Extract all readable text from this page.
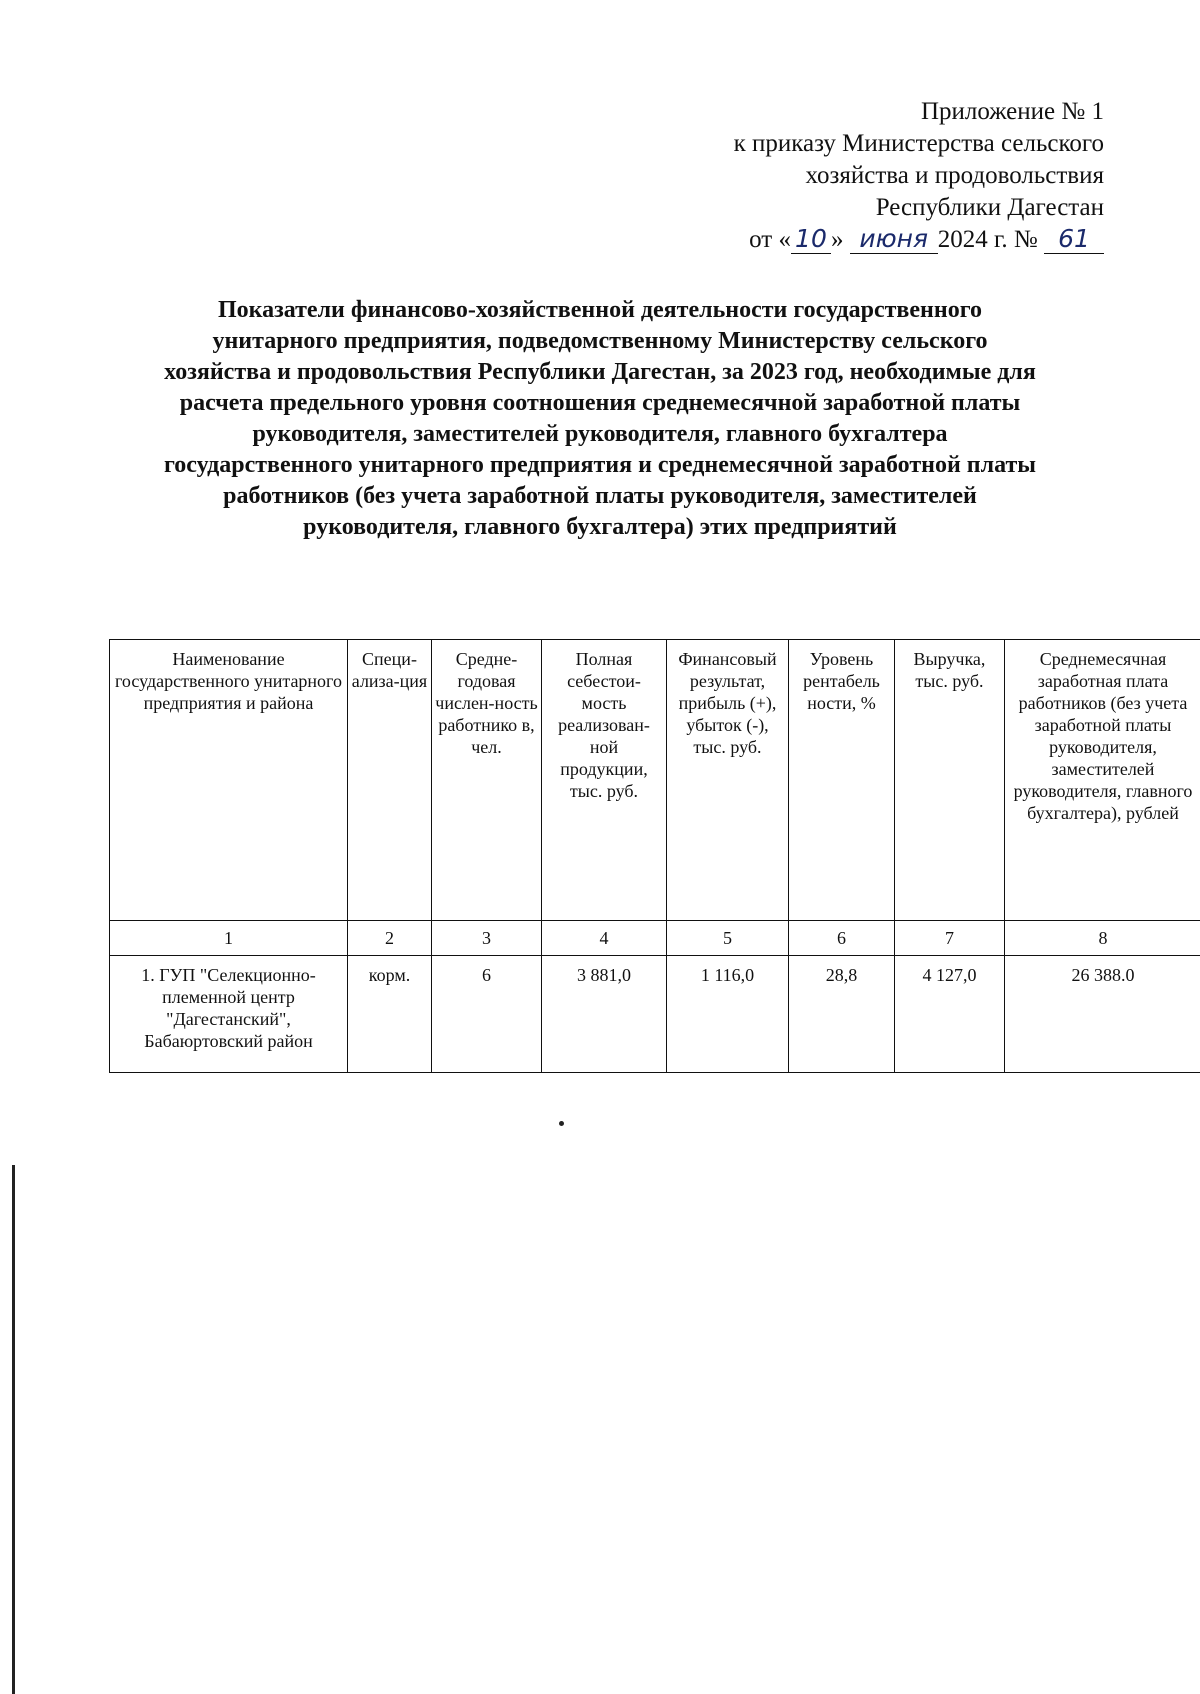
Приложение № 1
к приказу Министерства сельского
хозяйства и продовольствия
Республики Дагестан
от « 10 » июня 2024 г. № 61
Показатели финансово-хозяйственной деятельности государственного унитарного предприятия, подведомственному Министерству сельского хозяйства и продовольствия Республики Дагестан, за 2023 год, необходимые для расчета предельного уровня соотношения среднемесячной заработной платы руководителя, заместителей руководителя, главного бухгалтера государственного унитарного предприятия и среднемесячной заработной платы работников (без учета заработной платы руководителя, заместителей руководителя, главного бухгалтера) этих предприятий
Наименование государственного унитарного предприятия и района	Специ-ализа-ция	Средне-годовая числен-ность работнико в, чел.	Полная себестои-мость реализован-ной продукции, тыс. руб.	Финансовый результат, прибыль (+), убыток (-), тыс. руб.	Уровень рентабель ности, %	Выручка, тыс. руб.	Среднемесячная заработная плата работников (без учета заработной платы руководителя, заместителей руководителя, главного бухгалтера), рублей
1	2	3	4	5	6	7	8
1. ГУП "Селекционно-племенной центр "Дагестанский", Бабаюртовский район	корм.	6	3 881,0	1 116,0	28,8	4 127,0	26 388.0
